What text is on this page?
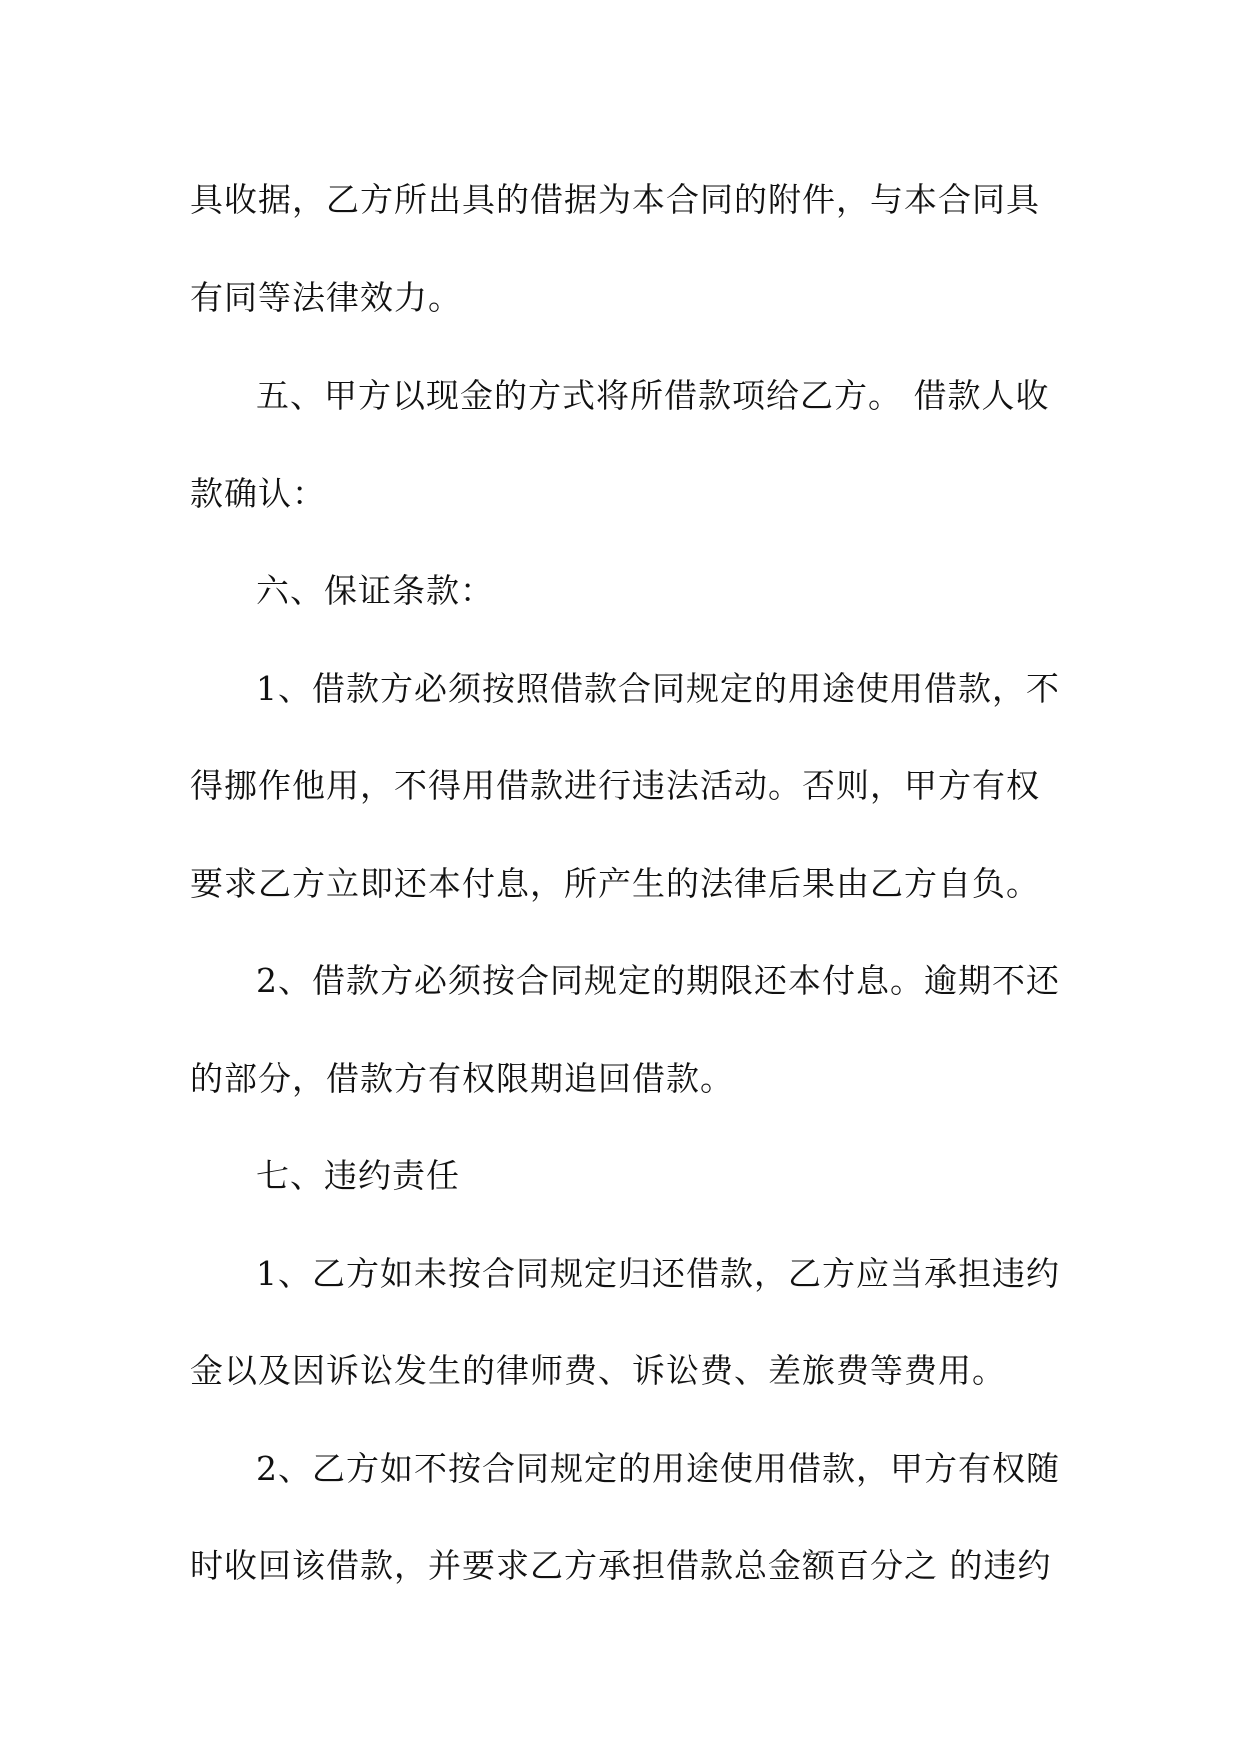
具收据，乙方所出具的借据为本合同的附件，与本合同具
有同等法律效力。
五、甲方以现金的方式将所借款项给乙方。 借款人收
款确认：
六、保证条款：
1、借款方必须按照借款合同规定的用途使用借款，不
得挪作他用，不得用借款进行违法活动。否则，甲方有权
要求乙方立即还本付息，所产生的法律后果由乙方自负。
2、借款方必须按合同规定的期限还本付息。逾期不还
的部分，借款方有权限期追回借款。
七、违约责任
1、乙方如未按合同规定归还借款，乙方应当承担违约
金以及因诉讼发生的律师费、诉讼费、差旅费等费用。
2、乙方如不按合同规定的用途使用借款，甲方有权随
时收回该借款，并要求乙方承担借款总金额百分之 的违约
